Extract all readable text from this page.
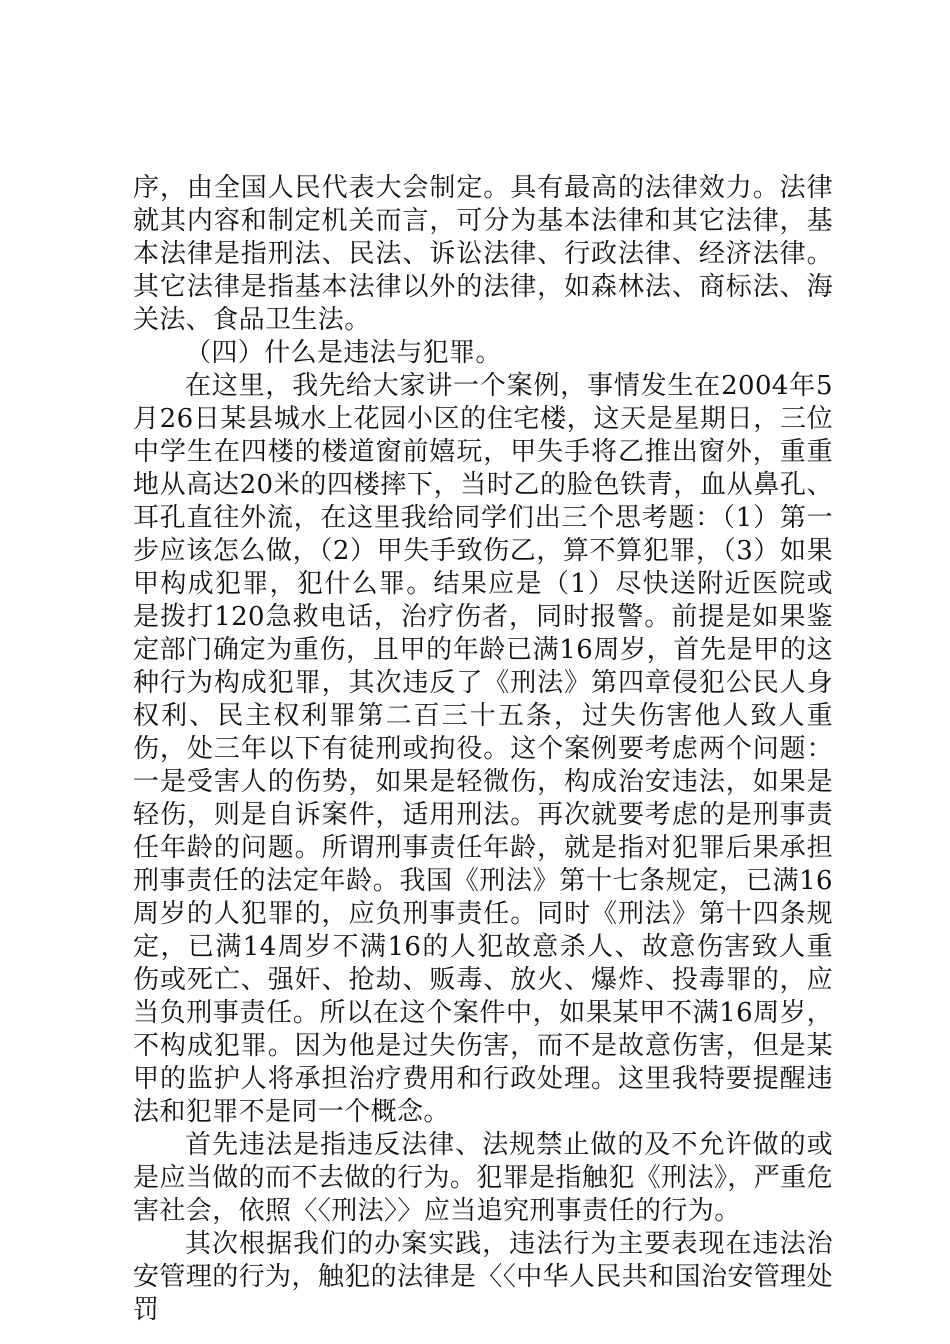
序，由全国人民代表大会制定。具有最高的法律效力。法律就其内容和制定机关而言，可分为基本法律和其它法律，基本法律是指刑法、民法、诉讼法律、行政法律、经济法律。其它法律是指基本法律以外的法律，如森林法、商标法、海关法、食品卫生法。

（四）什么是违法与犯罪。

在这里，我先给大家讲一个案例，事情发生在2004年5月26日某县城水上花园小区的住宅楼，这天是星期日，三位中学生在四楼的楼道窗前嬉玩，甲失手将乙推出窗外，重重地从高达20米的四楼摔下，当时乙的脸色铁青，血从鼻孔、耳孔直往外流，在这里我给同学们出三个思考题：（1）第一步应该怎么做，（2）甲失手致伤乙，算不算犯罪，（3）如果甲构成犯罪，犯什么罪。结果应是（1）尽快送附近医院或是拨打120急救电话，治疗伤者，同时报警。前提是如果鉴定部门确定为重伤，且甲的年龄已满16周岁，首先是甲的这种行为构成犯罪，其次违反了《刑法》第四章侵犯公民人身权利、民主权利罪第二百三十五条，过失伤害他人致人重伤，处三年以下有徒刑或拘役。这个案例要考虑两个问题：一是受害人的伤势，如果是轻微伤，构成治安违法，如果是轻伤，则是自诉案件，适用刑法。再次就要考虑的是刑事责任年龄的问题。所谓刑事责任年龄，就是指对犯罪后果承担刑事责任的法定年龄。我国《刑法》第十七条规定，已满16周岁的人犯罪的，应负刑事责任。同时《刑法》第十四条规定，已满14周岁不满16的人犯故意杀人、故意伤害致人重伤或死亡、强奸、抢劫、贩毒、放火、爆炸、投毒罪的，应当负刑事责任。所以在这个案件中，如果某甲不满16周岁，不构成犯罪。因为他是过失伤害，而不是故意伤害，但是某甲的监护人将承担治疗费用和行政处理。这里我特要提醒违法和犯罪不是同一个概念。

首先违法是指违反法律、法规禁止做的及不允许做的或是应当做的而不去做的行为。犯罪是指触犯《刑法》，严重危害社会，依照〈〈刑法〉〉应当追究刑事责任的行为。

其次根据我们的办案实践，违法行为主要表现在违法治安管理的行为，触犯的法律是〈〈中华人民共和国治安管理处罚
